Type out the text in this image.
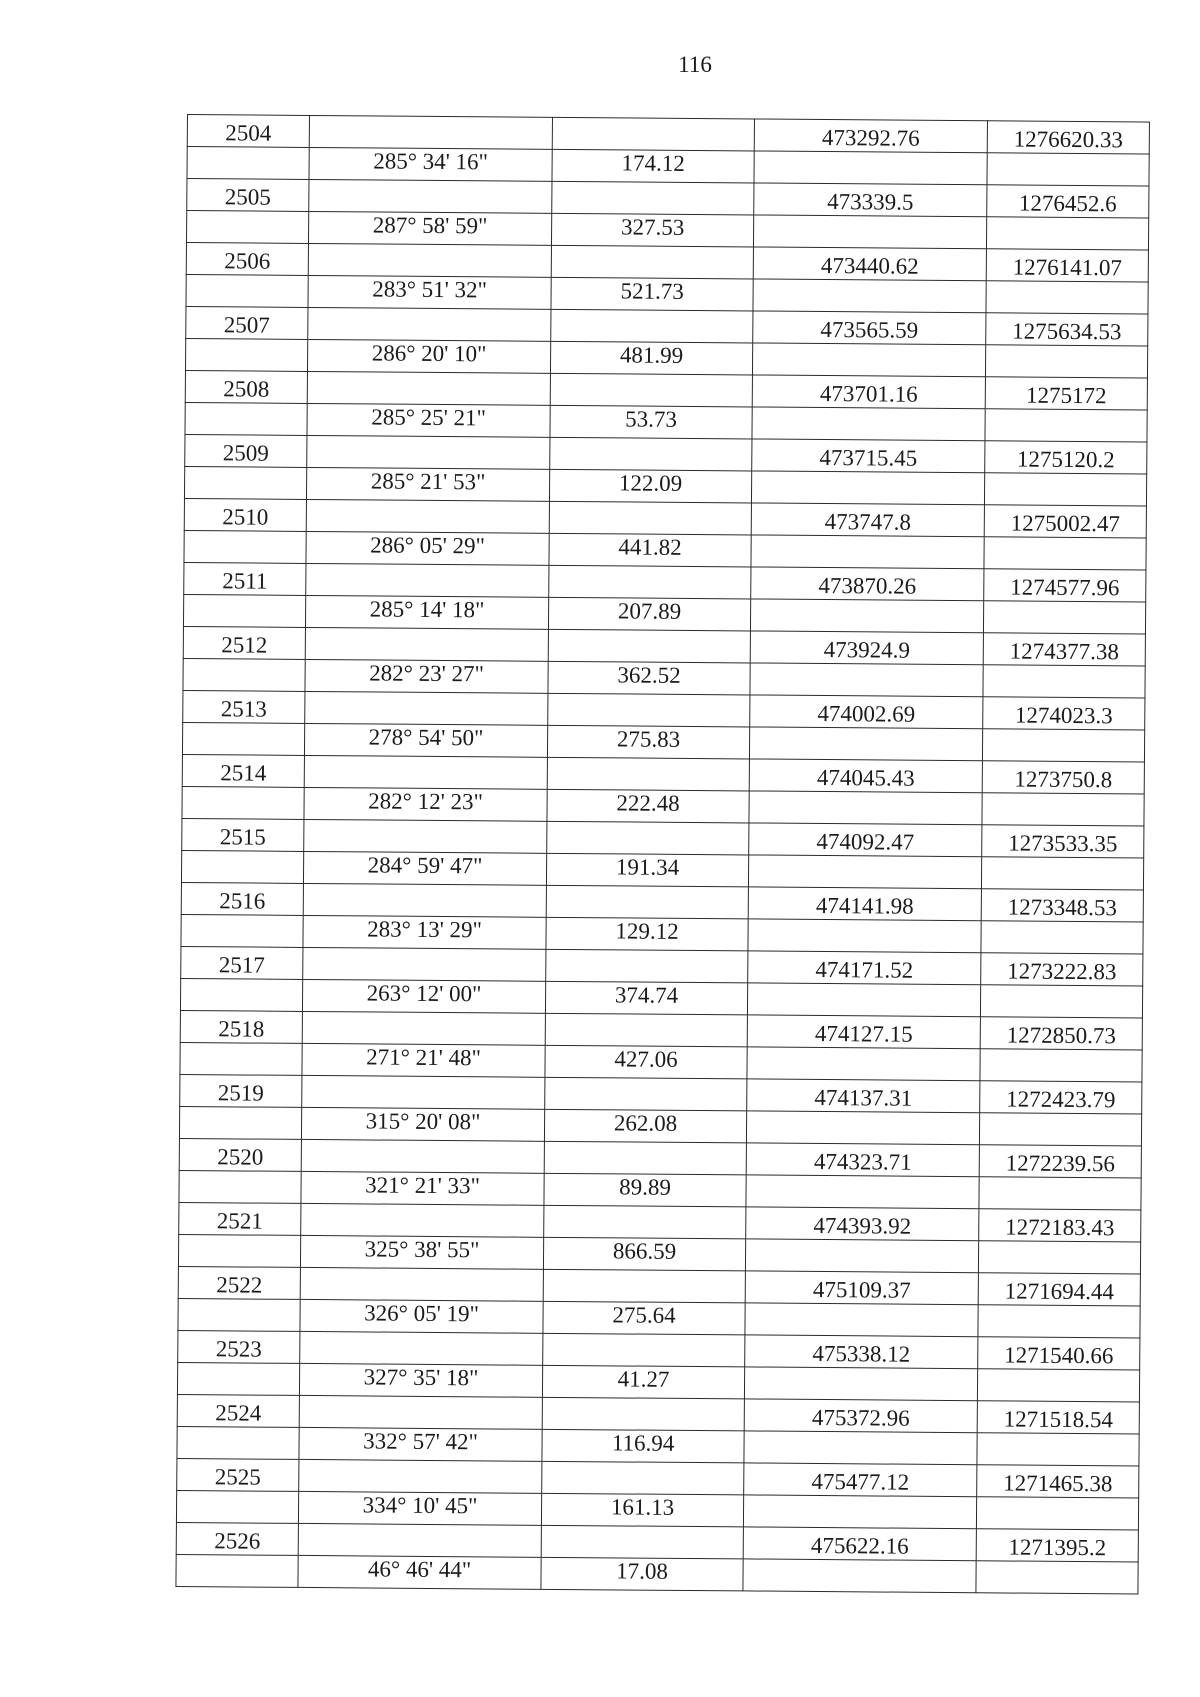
116
2504			473292.76	1276620.33
	285° 34' 16"	174.12		
2505			473339.5	1276452.6
	287° 58' 59"	327.53		
2506			473440.62	1276141.07
	283° 51' 32"	521.73		
2507			473565.59	1275634.53
	286° 20' 10"	481.99		
2508			473701.16	1275172
	285° 25' 21"	53.73		
2509			473715.45	1275120.2
	285° 21' 53"	122.09		
2510			473747.8	1275002.47
	286° 05' 29"	441.82		
2511			473870.26	1274577.96
	285° 14' 18"	207.89		
2512			473924.9	1274377.38
	282° 23' 27"	362.52		
2513			474002.69	1274023.3
	278° 54' 50"	275.83		
2514			474045.43	1273750.8
	282° 12' 23"	222.48		
2515			474092.47	1273533.35
	284° 59' 47"	191.34		
2516			474141.98	1273348.53
	283° 13' 29"	129.12		
2517			474171.52	1273222.83
	263° 12' 00"	374.74		
2518			474127.15	1272850.73
	271° 21' 48"	427.06		
2519			474137.31	1272423.79
	315° 20' 08"	262.08		
2520			474323.71	1272239.56
	321° 21' 33"	89.89		
2521			474393.92	1272183.43
	325° 38' 55"	866.59		
2522			475109.37	1271694.44
	326° 05' 19"	275.64		
2523			475338.12	1271540.66
	327° 35' 18"	41.27		
2524			475372.96	1271518.54
	332° 57' 42"	116.94		
2525			475477.12	1271465.38
	334° 10' 45"	161.13		
2526			475622.16	1271395.2
	46° 46' 44"	17.08		
